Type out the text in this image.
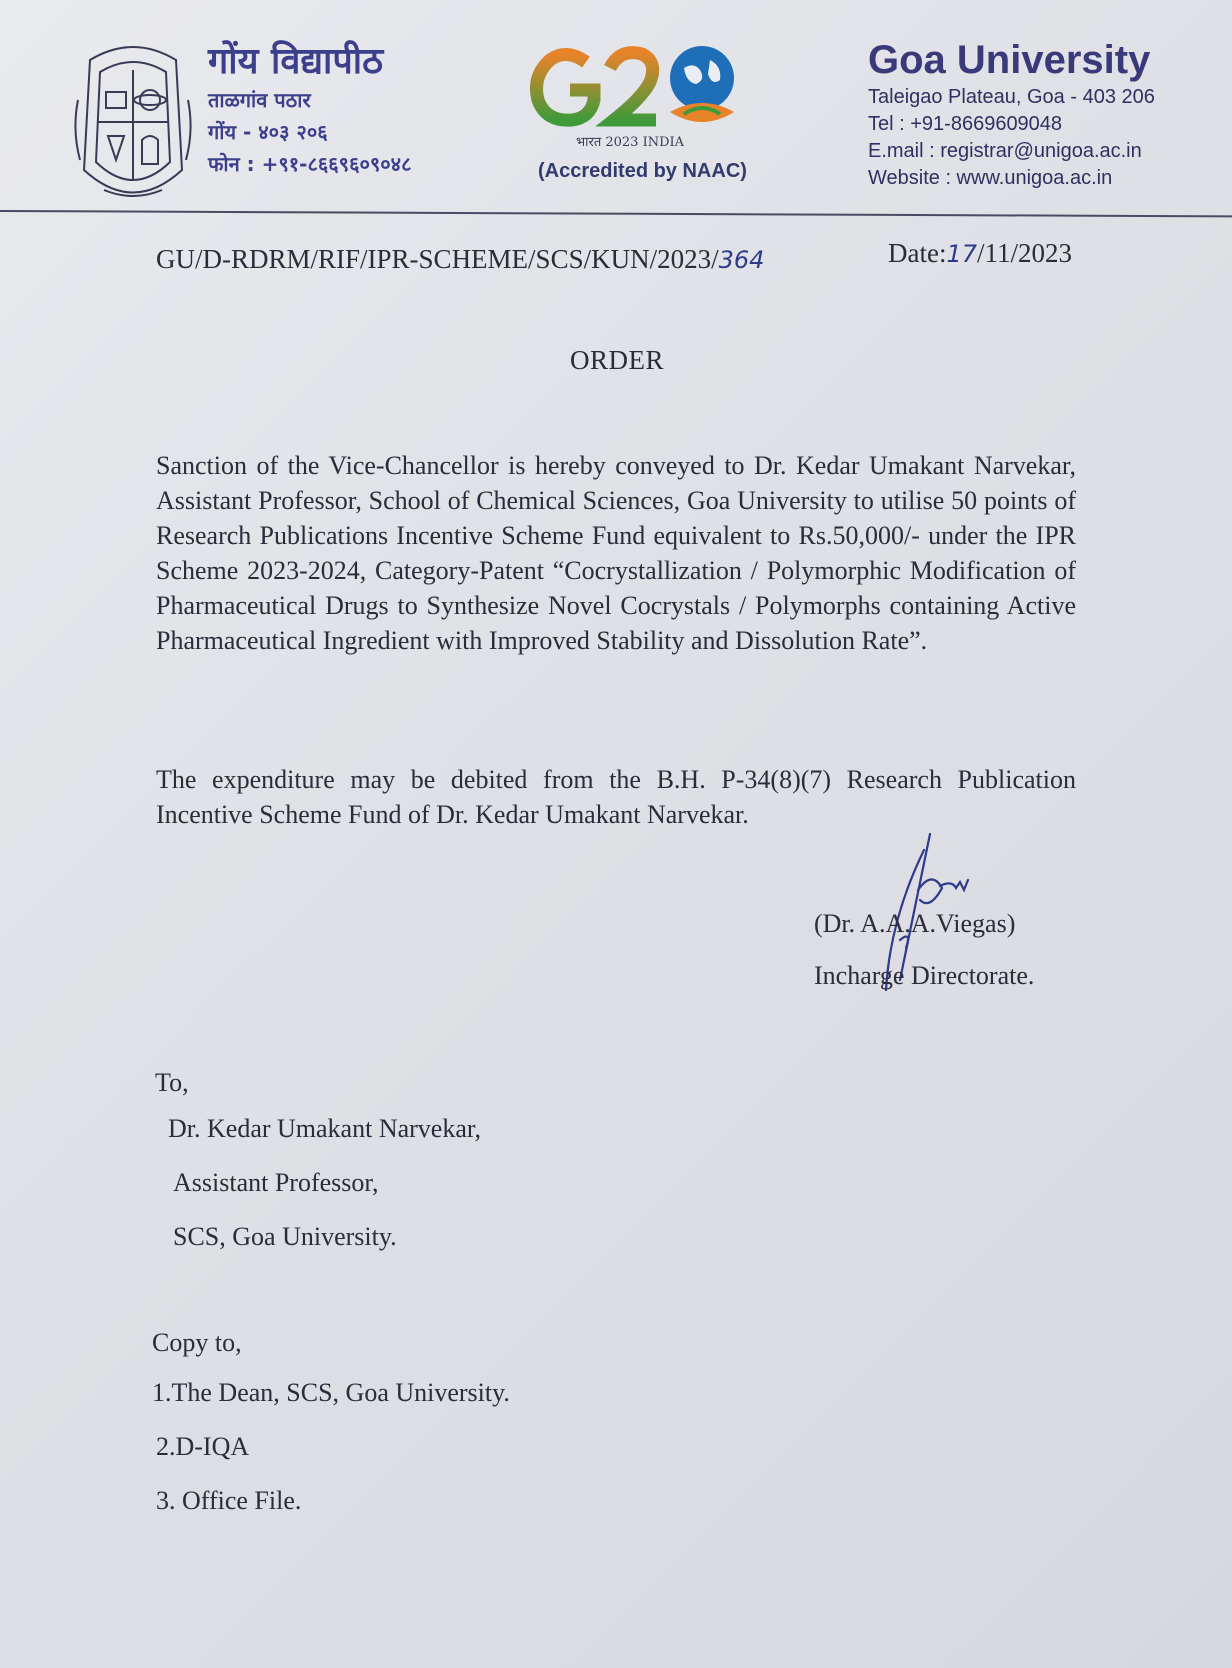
गोंय विद्यापीठ
ताळगांव पठार
गोंय - ४०३ २०६
फोन : +९१-८६६९६०९०४८
भारत 2023 INDIA
(Accredited by NAAC)
Goa University
Taleigao Plateau, Goa - 403 206
Tel : +91-8669609048
E.mail : registrar@unigoa.ac.in
Website : www.unigoa.ac.in
GU/D-RDRM/RIF/IPR-SCHEME/SCS/KUN/2023/364	Date:17/11/2023
ORDER
Sanction of the Vice-Chancellor is hereby conveyed to Dr. Kedar Umakant Narvekar, Assistant Professor, School of Chemical Sciences, Goa University to utilise 50 points of Research Publications Incentive Scheme Fund equivalent to Rs.50,000/- under the IPR Scheme 2023-2024, Category-Patent “Cocrystallization / Polymorphic Modification of Pharmaceutical Drugs to Synthesize Novel Cocrystals / Polymorphs containing Active Pharmaceutical Ingredient with Improved Stability and Dissolution Rate”.
The expenditure may be debited from the B.H. P-34(8)(7) Research Publication Incentive Scheme Fund of Dr. Kedar Umakant Narvekar.
(Dr. A.A.A.Viegas)
Incharge Directorate.
To,
Dr. Kedar Umakant Narvekar,
Assistant Professor,
SCS, Goa University.
Copy to,
1.The Dean, SCS, Goa University.
2.D-IQA
3. Office File.
